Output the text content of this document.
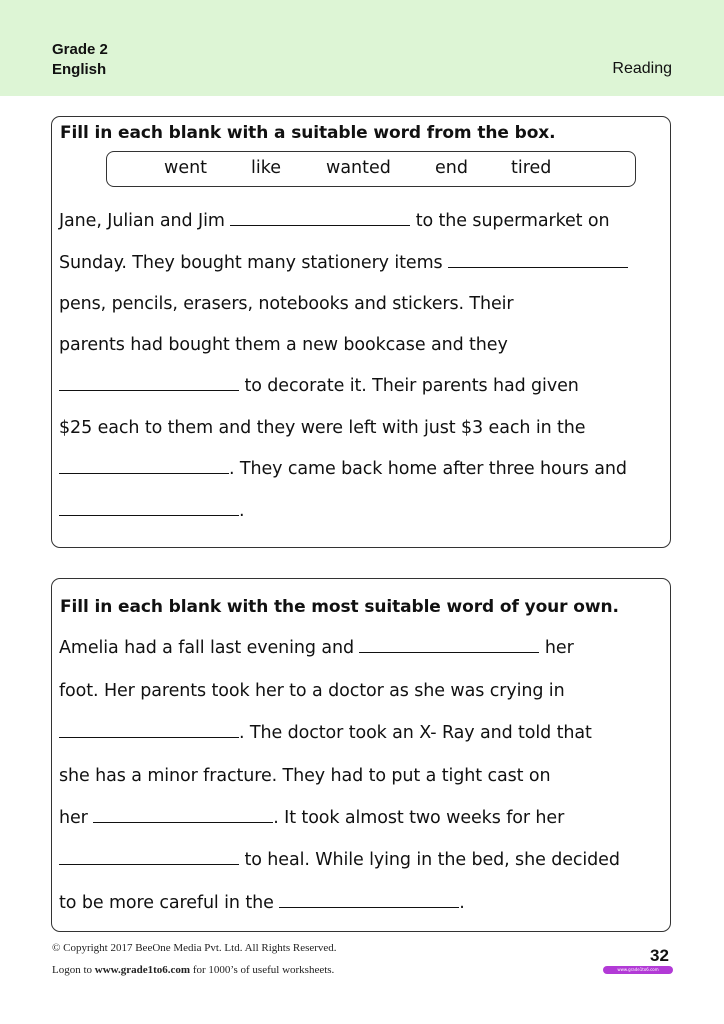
Grade 2
English	Reading
Fill in each blank with a suitable word from the box.
went	like	wanted	end tired
Jane, Julian and Jim	to the supermarket on
Sunday. They bought many stationery items
pens, pencils, erasers, notebooks and stickers. Their
parents had bought them a new bookcase and they
to decorate it. Their parents had given
$25 each to them and they were left with just $3 each in the
. They came back home after three hours and
.
Fill in each blank with the most suitable word of your own.
Amelia had a fall last evening and	her
foot. Her parents took her to a doctor as she was crying in
. The doctor took an X- Ray and told that
she has a minor fracture. They had to put a tight cast on
her	. It took almost two weeks for her
to heal. While lying in the bed, she decided
to be more careful in the	.
© Copyright 2017 BeeOne Media Pvt. Ltd. All Rights Reserved.
Logon to www.grade1to6.com for 1000’s of useful worksheets.
32
www.grade1to6.com
